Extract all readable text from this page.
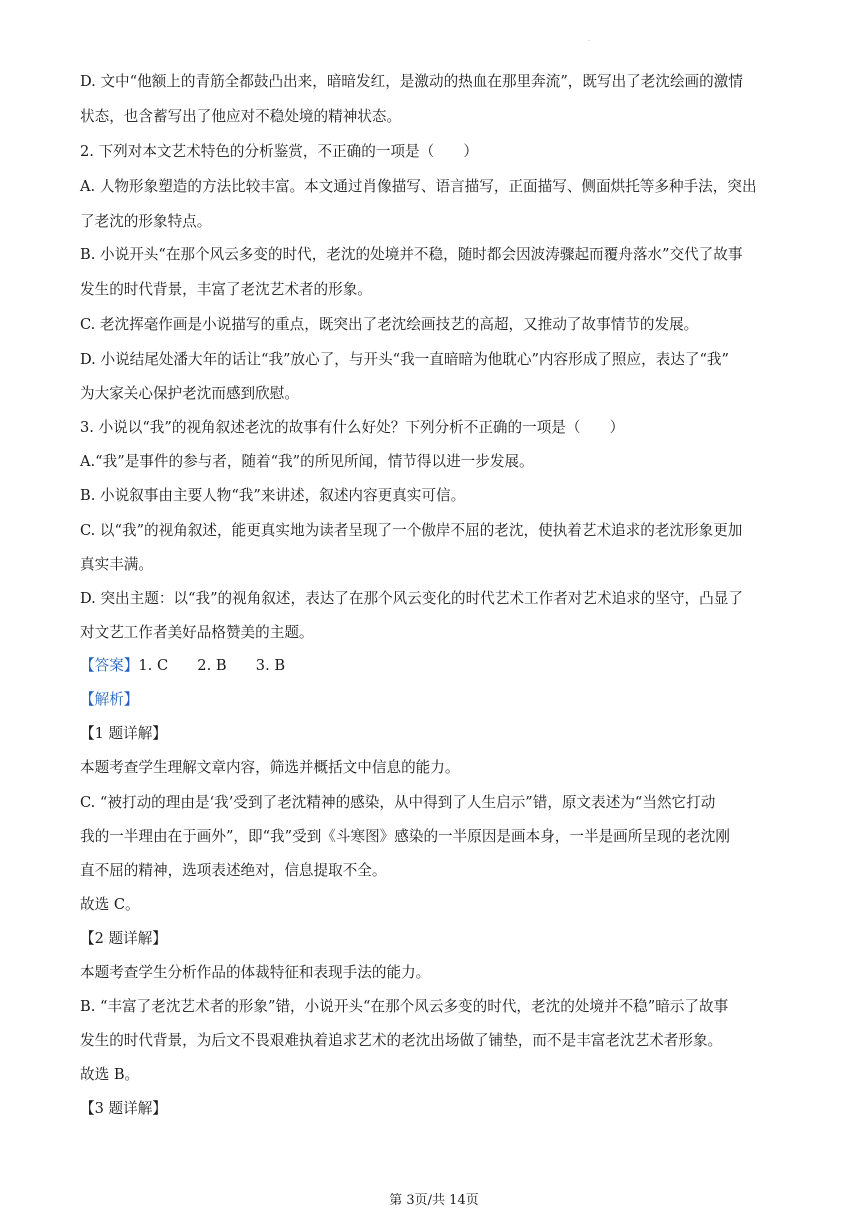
.
D. 文中“他额上的青筋全都鼓凸出来，暗暗发红，是激动的热血在那里奔流”，既写出了老沈绘画的激情
状态，也含蓄写出了他应对不稳处境的精神状态。
2. 下列对本文艺术特色的分析鉴赏，不正确的一项是（　　）
A. 人物形象塑造的方法比较丰富。本文通过肖像描写、语言描写，正面描写、侧面烘托等多种手法，突出
了老沈的形象特点。
B. 小说开头“在那个风云多变的时代，老沈的处境并不稳，随时都会因波涛骤起而覆舟落水”交代了故事
发生的时代背景，丰富了老沈艺术者的形象。
C. 老沈挥毫作画是小说描写的重点，既突出了老沈绘画技艺的高超，又推动了故事情节的发展。
D. 小说结尾处潘大年的话让“我”放心了，与开头“我一直暗暗为他耽心”内容形成了照应，表达了“我”
为大家关心保护老沈而感到欣慰。
3. 小说以“我”的视角叙述老沈的故事有什么好处？下列分析不正确的一项是（　　）
A.“我”是事件的参与者，随着“我”的所见所闻，情节得以进一步发展。
B. 小说叙事由主要人物“我”来讲述，叙述内容更真实可信。
C. 以“我”的视角叙述，能更真实地为读者呈现了一个傲岸不屈的老沈，使执着艺术追求的老沈形象更加
真实丰满。
D. 突出主题：以“我”的视角叙述，表达了在那个风云变化的时代艺术工作者对艺术追求的坚守，凸显了
对文艺工作者美好品格赞美的主题。
【答案】1. C　　2. B　　3. B
【解析】
【1 题详解】
本题考查学生理解文章内容，筛选并概括文中信息的能力。
C. “被打动的理由是‘我’受到了老沈精神的感染，从中得到了人生启示”错，原文表述为“当然它打动
我的一半理由在于画外”，即“我”受到《斗寒图》感染的一半原因是画本身，一半是画所呈现的老沈刚
直不屈的精神，选项表述绝对，信息提取不全。
故选 C。
【2 题详解】
本题考查学生分析作品的体裁特征和表现手法的能力。
B. “丰富了老沈艺术者的形象”错，小说开头“在那个风云多变的时代，老沈的处境并不稳”暗示了故事
发生的时代背景，为后文不畏艰难执着追求艺术的老沈出场做了铺垫，而不是丰富老沈艺术者形象。
故选 B。
【3 题详解】
第 3页/共 14页
